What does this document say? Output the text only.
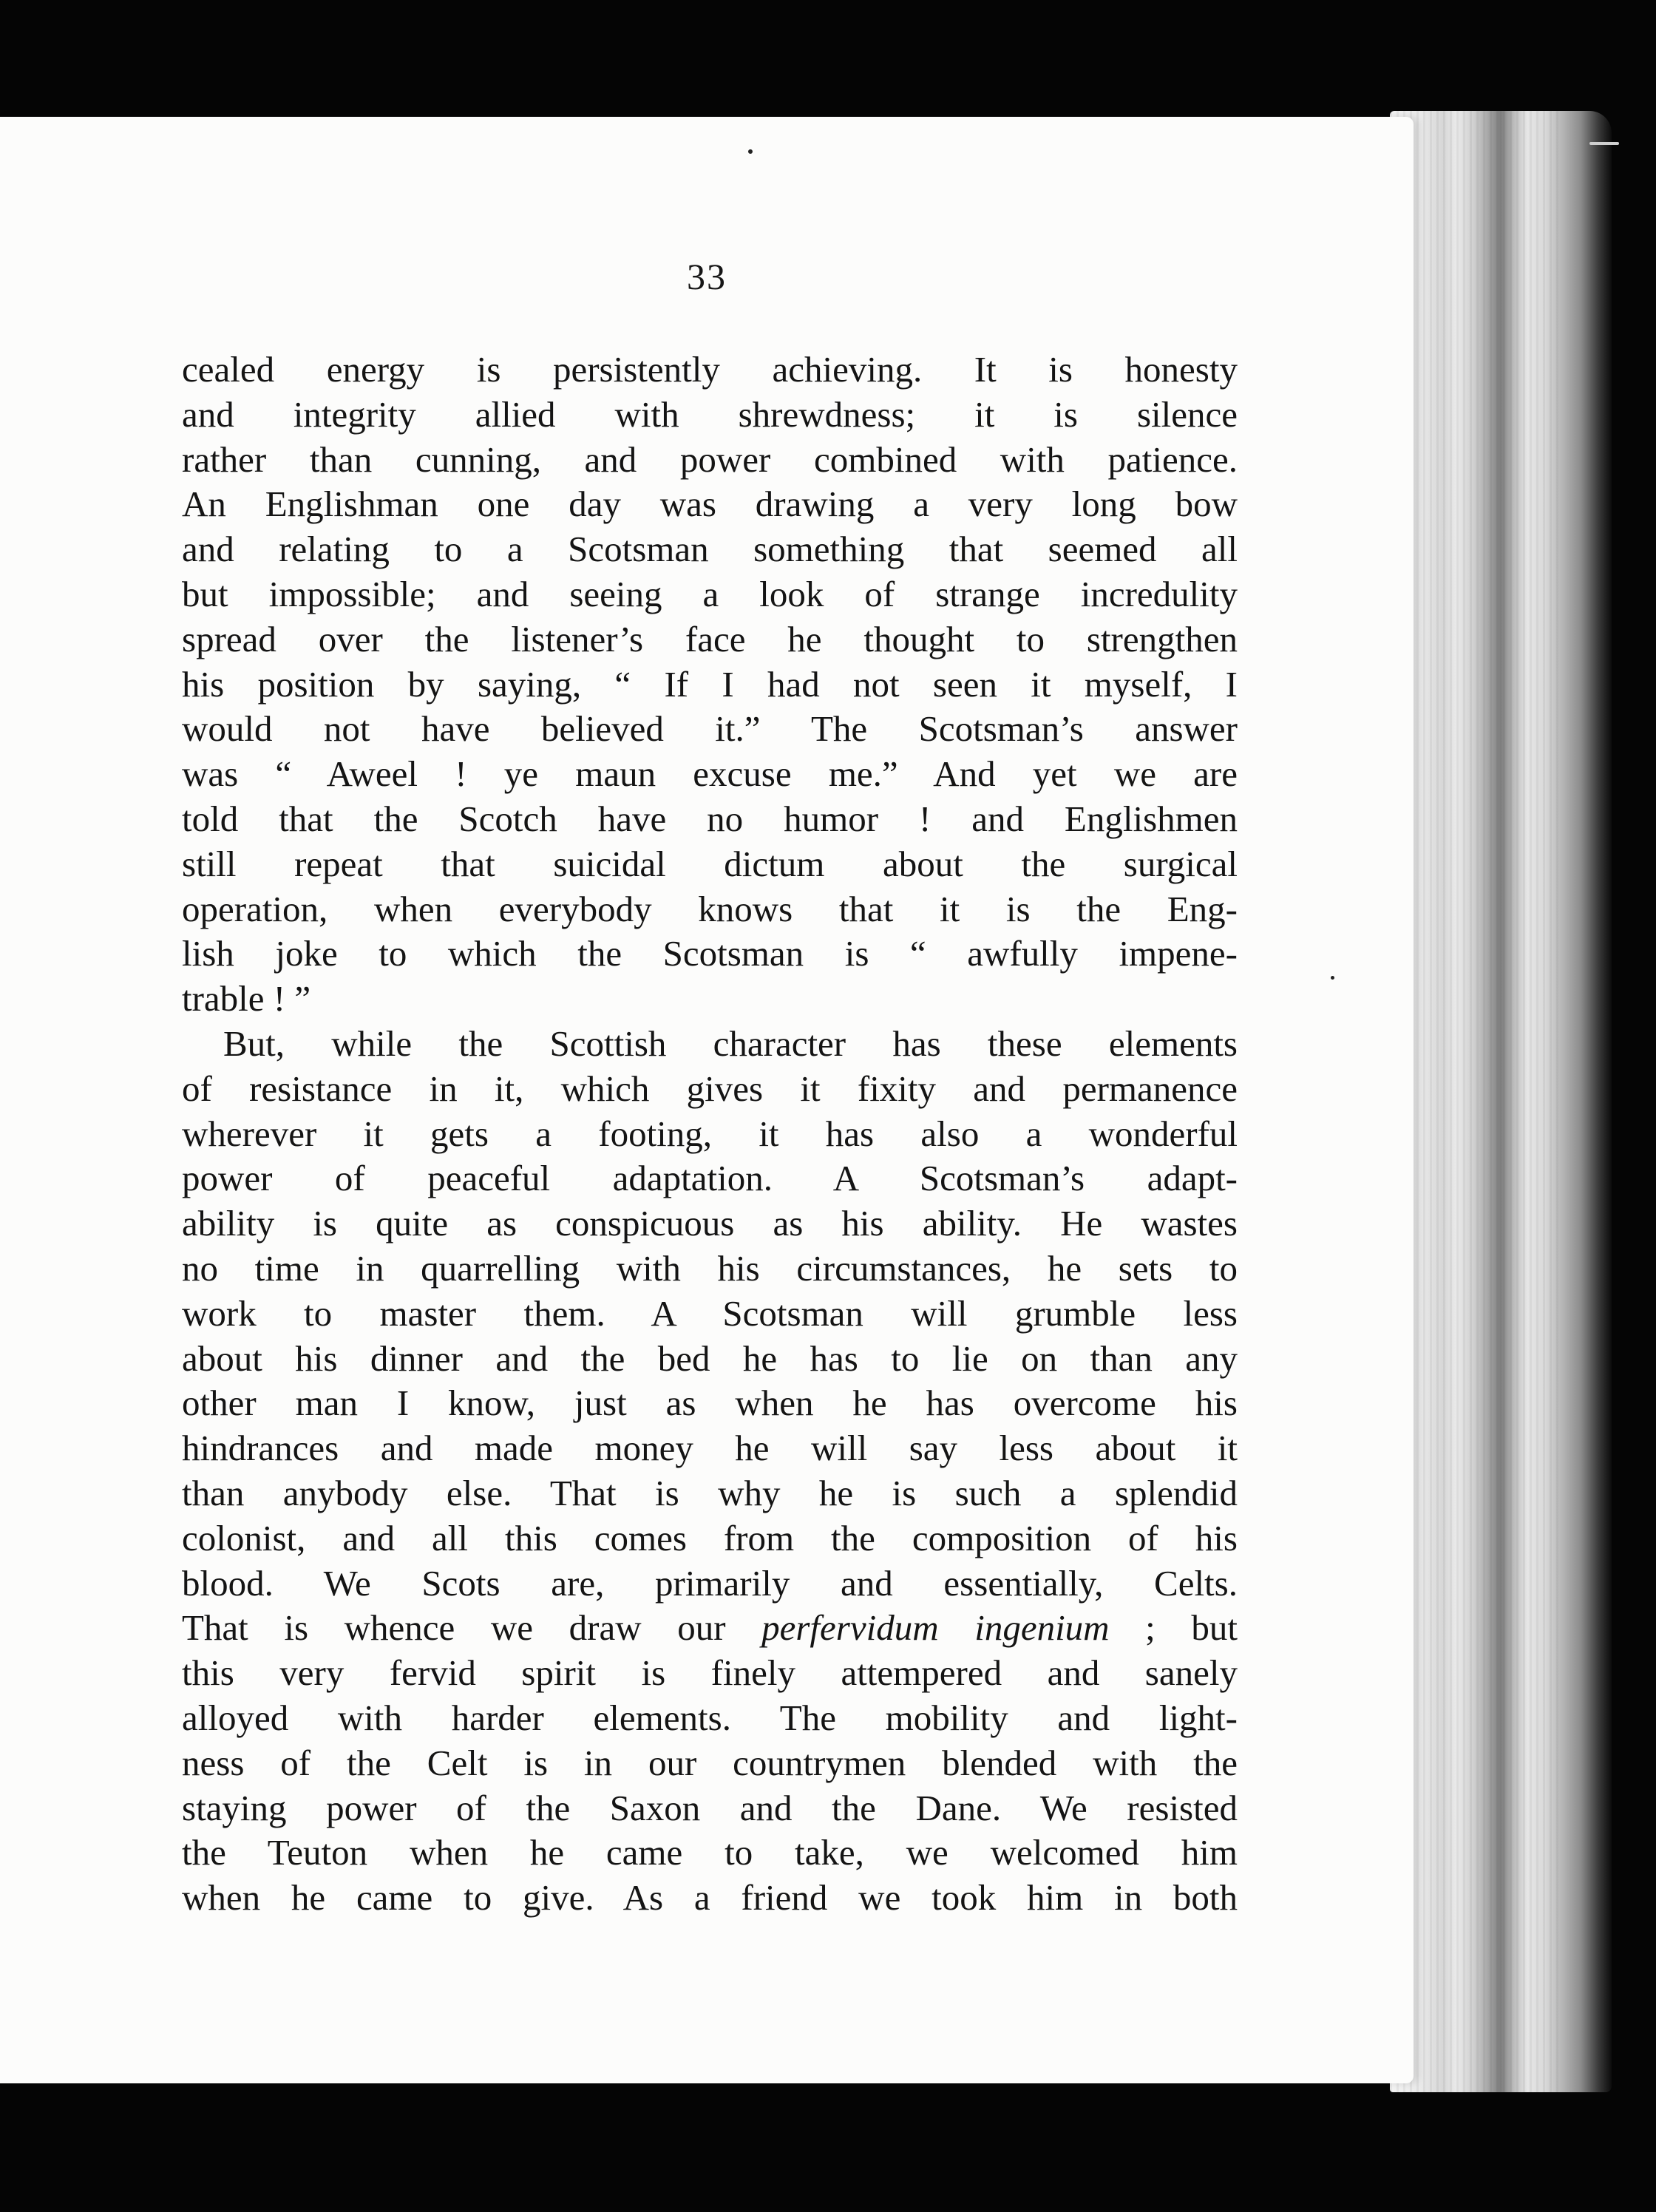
33

cealed energy is persistently achieving. It is honesty

and integrity allied with shrewdness; it is silence

rather than cunning, and power combined with patience.

An Englishman one day was drawing a very long bow

and relating to a Scotsman something that seemed all

but impossible; and seeing a look of strange incredulity

spread over the listener’s face he thought to strengthen

his position by saying, “ If I had not seen it myself, I

would not have believed it.” The Scotsman’s answer

was “ Aweel ! ye maun excuse me.” And yet we are

told that the Scotch have no humor ! and Englishmen

still repeat that suicidal dictum about the surgical

operation, when everybody knows that it is the Eng-

lish joke to which the Scotsman is “ awfully impene-

trable ! ”

But, while the Scottish character has these elements

of resistance in it, which gives it fixity and permanence

wherever it gets a footing, it has also a wonderful

power of peaceful adaptation. A Scotsman’s adapt-

ability is quite as conspicuous as his ability. He wastes

no time in quarrelling with his circumstances, he sets to

work to master them. A Scotsman will grumble less

about his dinner and the bed he has to lie on than any

other man I know, just as when he has overcome his

hindrances and made money he will say less about it

than anybody else. That is why he is such a splendid

colonist, and all this comes from the composition of his

blood. We Scots are, primarily and essentially, Celts.

That is whence we draw our perfervidum ingenium ; but

this very fervid spirit is finely attempered and sanely

alloyed with harder elements. The mobility and light-

ness of the Celt is in our countrymen blended with the

staying power of the Saxon and the Dane. We resisted

the Teuton when he came to take, we welcomed him

when he came to give. As a friend we took him in both
